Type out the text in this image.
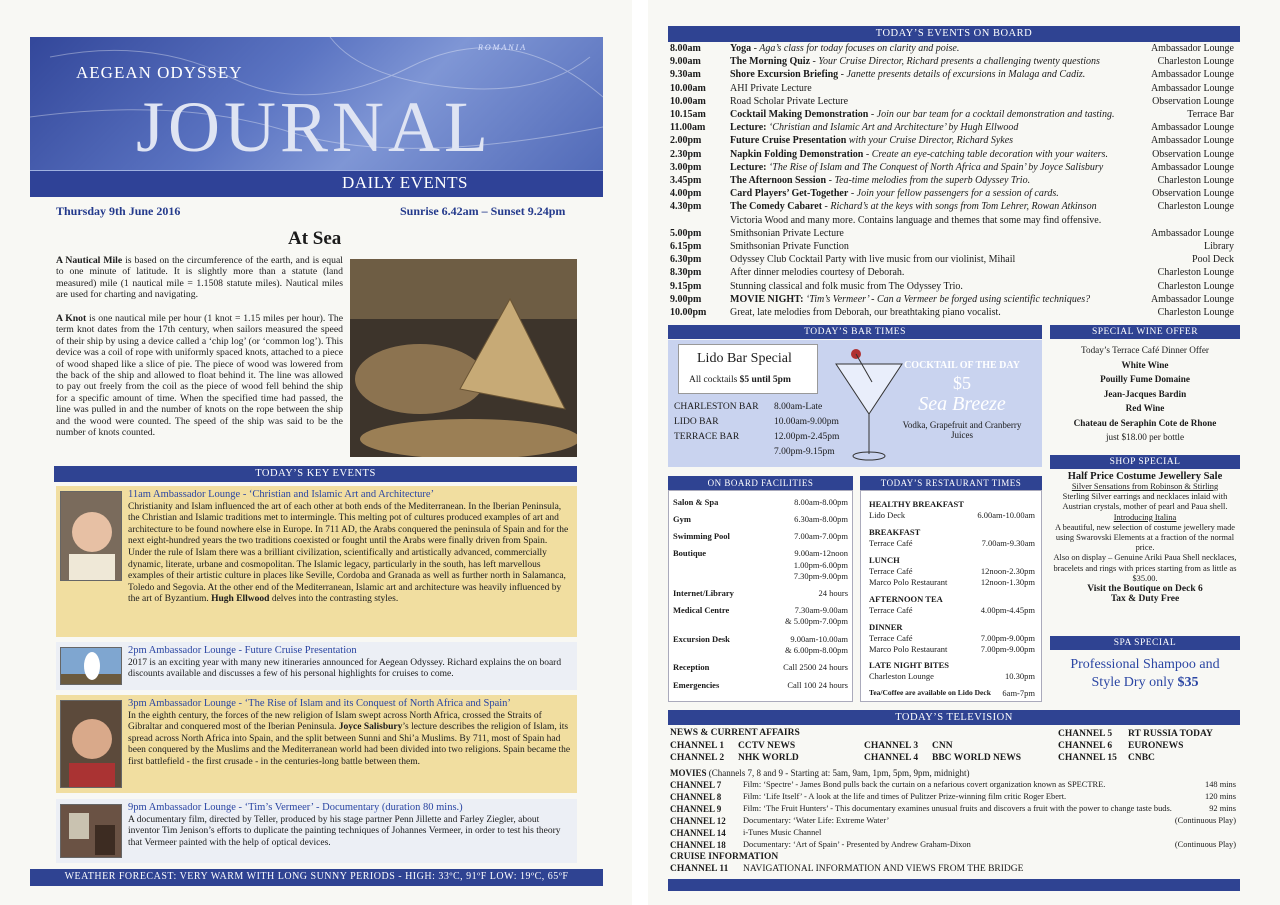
ROMANIA
AEGEAN ODYSSEY
JOURNAL
DAILY EVENTS
Thursday 9th June 2016	Sunrise 6.42am – Sunset 9.24pm
At Sea
A Nautical Mile is based on the circumference of the earth, and is equal to one minute of latitude. It is slightly more than a statute (land measured) mile (1 nautical mile = 1.1508 statute miles). Nautical miles are used for charting and navigating.
A Knot is one nautical mile per hour (1 knot = 1.15 miles per hour). The term knot dates from the 17th century, when sailors measured the speed of their ship by using a device called a ‘chip log’ (or ‘common log’). This device was a coil of rope with uniformly spaced knots, attached to a piece of wood shaped like a slice of pie. The piece of wood was lowered from the back of the ship and allowed to float behind it. The line was allowed to pay out freely from the coil as the piece of wood fell behind the ship for a specific amount of time. When the specified time had passed, the line was pulled in and the number of knots on the rope between the ship and the wood were counted. The speed of the ship was said to be the number of knots counted.
TODAY’S KEY EVENTS
11am Ambassador Lounge - ‘Christian and Islamic Art and Architecture’
Christianity and Islam influenced the art of each other at both ends of the Mediterranean. In the Iberian Peninsula, the Christian and Islamic traditions met to intermingle. This melting pot of cultures produced examples of art and architecture to be found nowhere else in Europe. In 711 AD, the Arabs conquered the peninsula of Spain and for the next eight-hundred years the two traditions coexisted or fought until the Arabs were finally driven from Spain. Under the rule of Islam there was a brilliant civilization, scientifically and artistically advanced, commercially dynamic, literate, urbane and cosmopolitan. The Islamic legacy, particularly in the south, has left marvellous examples of their artistic culture in places like Seville, Cordoba and Granada as well as further north in Salamanca, Toledo and Segovia. At the other end of the Mediterranean, Islamic art and architecture was heavily influenced by the art of Byzantium. Hugh Ellwood delves into the contrasting styles.
2pm Ambassador Lounge - Future Cruise Presentation
2017 is an exciting year with many new itineraries announced for Aegean Odyssey. Richard explains the on board discounts available and discusses a few of his personal highlights for cruises to come.
3pm Ambassador Lounge - ‘The Rise of Islam and its Conquest of North Africa and Spain’
In the eighth century, the forces of the new religion of Islam swept across North Africa, crossed the Straits of Gibraltar and conquered most of the Iberian Peninsula. Joyce Salisbury’s lecture describes the religion of Islam, its spread across North Africa into Spain, and the split between Sunni and Shi’a Muslims. By 711, most of Spain had been conquered by the Muslims and the Mediterranean world had been divided into two religions. Spain became the first battlefield - the first crusade - in the centuries-long battle between them.
9pm Ambassador Lounge - ‘Tim’s Vermeer’ - Documentary (duration 80 mins.)
A documentary film, directed by Teller, produced by his stage partner Penn Jillette and Farley Ziegler, about inventor Tim Jenison’s efforts to duplicate the painting techniques of Johannes Vermeer, in order to test his theory that Vermeer painted with the help of optical devices.
WEATHER FORECAST: VERY WARM WITH LONG SUNNY PERIODS - HIGH: 33ºC, 91ºF LOW: 19ºC, 65ºF
TODAY’S EVENTS ON BOARD
8.00am	Yoga - Aga’s class for today focuses on clarity and poise.	Ambassador Lounge
9.00am	The Morning Quiz - Your Cruise Director, Richard presents a challenging twenty questions	Charleston Lounge
9.30am	Shore Excursion Briefing - Janette presents details of excursions in Malaga and Cadiz.	Ambassador Lounge
10.00am AHI Private Lecture	Ambassador Lounge
10.00am Road Scholar Private Lecture	Observation Lounge
10.15am Cocktail Making Demonstration - Join our bar team for a cocktail demonstration and tasting.	Terrace Bar
11.00am Lecture: ‘Christian and Islamic Art and Architecture’ by Hugh Ellwood	Ambassador Lounge
2.00pm	Future Cruise Presentation with your Cruise Director, Richard Sykes	Ambassador Lounge
2.30pm	Napkin Folding Demonstration - Create an eye-catching table decoration with your waiters.	Observation Lounge
3.00pm	Lecture: ‘The Rise of Islam and The Conquest of North Africa and Spain’ by Joyce Salisbury	Ambassador Lounge
3.45pm	The Afternoon Session - Tea-time melodies from the superb Odyssey Trio.	Charleston Lounge
4.00pm	Card Players’ Get-Together - Join your fellow passengers for a session of cards.	Observation Lounge
4.30pm	The Comedy Cabaret - Richard’s at the keys with songs from Tom Lehrer, Rowan Atkinson	Charleston Lounge
Victoria Wood and many more. Contains language and themes that some may find offensive.
5.00pm	Smithsonian Private Lecture	Ambassador Lounge
6.15pm	Smithsonian Private Function	Library
6.30pm	Odyssey Club Cocktail Party with live music from our violinist, Mihail	Pool Deck
8.30pm	After dinner melodies courtesy of Deborah.	Charleston Lounge
9.15pm	Stunning classical and folk music from The Odyssey Trio.	Charleston Lounge
9.00pm	MOVIE NIGHT: ‘Tim’s Vermeer’ - Can a Vermeer be forged using scientific techniques?	Ambassador Lounge
10.00pm Great, late melodies from Deborah, our breathtaking piano vocalist.	Charleston Lounge
TODAY’S BAR TIMES
Lido Bar Special
All cocktails $5 until 5pm
CHARLESTON BAR 8.00am-Late
LIDO BAR	10.00am-9.00pm
TERRACE BAR	12.00pm-2.45pm
7.00pm-9.15pm
COCKTAIL OF THE DAY
$5
Sea Breeze
Vodka, Grapefruit and Cranberry Juices
SPECIAL WINE OFFER
Today’s Terrace Café Dinner Offer
White Wine
Pouilly Fume Domaine
Jean-Jacques Bardin
Red Wine
Chateau de Seraphin Cote de Rhone
just $18.00 per bottle
SHOP SPECIAL
Half Price Costume Jewellery Sale
Silver Sensations from Robinson & Stirling
Sterling Silver earrings and necklaces inlaid with Austrian crystals, mother of pearl and Paua shell.
Introducing Italina
A beautiful, new selection of costume jewellery made using Swarovski Elements at a fraction of the normal price.
Also on display – Genuine Ariki Paua Shell necklaces, bracelets and rings with prices starting from as little as $35.00.
Visit the Boutique on Deck 6
Tax & Duty Free
SPA SPECIAL
Professional Shampoo and
Style Dry only $35
ON BOARD FACILITIES
Salon & Spa	8.00am-8.00pm
Gym	6.30am-8.00pm
Swimming Pool	7.00am-7.00pm
Boutique	9.00am-12noon
1.00pm-6.00pm
7.30pm-9.00pm
Internet/Library	24 hours
Medical Centre	7.30am-9.00am
& 5.00pm-7.00pm
Excursion Desk	9.00am-10.00am
& 6.00pm-8.00pm
Reception	Call 2500 24 hours
Emergencies	Call 100 24 hours
TODAY’S RESTAURANT TIMES
HEALTHY BREAKFAST
Lido Deck	6.00am-10.00am
BREAKFAST
Terrace Café	7.00am-9.30am
LUNCH
Terrace Café	12noon-2.30pm
Marco Polo Restaurant	12noon-1.30pm
AFTERNOON TEA
Terrace Café	4.00pm-4.45pm
DINNER
Terrace Café	7.00pm-9.00pm
Marco Polo Restaurant	7.00pm-9.00pm
LATE NIGHT BITES
Charleston Lounge	10.30pm
Tea/Coffee are available on Lido Deck 6am-7pm
TODAY’S TELEVISION
NEWS & CURRENT AFFAIRS
CHANNEL 1 CCTV NEWS
CHANNEL 2 NHK WORLD
CHANNEL 3 CNN
CHANNEL 4 BBC WORLD NEWS
CHANNEL 5 RT RUSSIA TODAY
CHANNEL 6 EURONEWS
CHANNEL 15 CNBC
MOVIES (Channels 7, 8 and 9 - Starting at: 5am, 9am, 1pm, 5pm, 9pm, midnight)
CHANNEL 7	Film: ‘Spectre’ - James Bond pulls back the curtain on a nefarious covert organization known as SPECTRE.	148 mins
CHANNEL 8	Film: ‘Life Itself’ - A look at the life and times of Pulitzer Prize-winning film critic Roger Ebert.	120 mins
CHANNEL 9	Film: ‘The Fruit Hunters’ - This documentary examines unusual fruits and discovers a fruit with the power to change taste buds.	92 mins
CHANNEL 12 Documentary: ‘Water Life: Extreme Water’	(Continuous Play)
CHANNEL 14 i-Tunes Music Channel
CHANNEL 18 Documentary: ‘Art of Spain’ - Presented by Andrew Graham-Dixon	(Continuous Play)
CRUISE INFORMATION
CHANNEL 11 NAVIGATIONAL INFORMATION AND VIEWS FROM THE BRIDGE
